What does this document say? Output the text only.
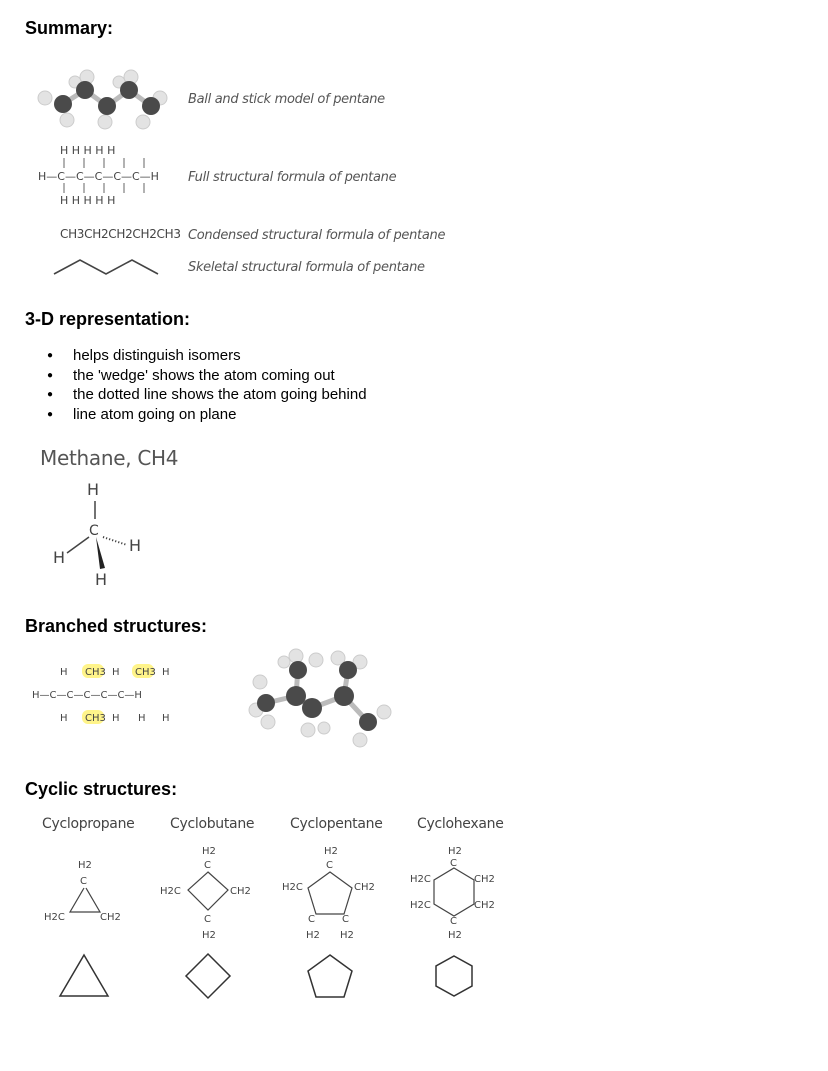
Summary:
Ball and stick model of pentane
H H H H H
H—C—C—C—C—C—H
H H H H H
Full structural formula of pentane
CH3CH2CH2CH2CH3 Condensed structural formula of pentane
Skeletal structural formula of pentane
3-D representation:
● helps distinguish isomers
● the 'wedge' shows the atom coming out
● the dotted line shows the atom going behind
● line atom going on plane
Methane, CH4
H
C
H
H
H
Branched structures:
H CH3 H CH3 H
H—C—C—C—C—C—H
H CH3 H H H
Cyclic structures:
Cyclopropane	Cyclobutane	Cyclopentane Cyclohexane
H2
C
H2C	CH2
H2
C
H2C	CH2
C
H2
H2
C
H2C	CH2
C	C
H2 H2
H2
C
H2C	CH2
H2C	CH2
C
H2
